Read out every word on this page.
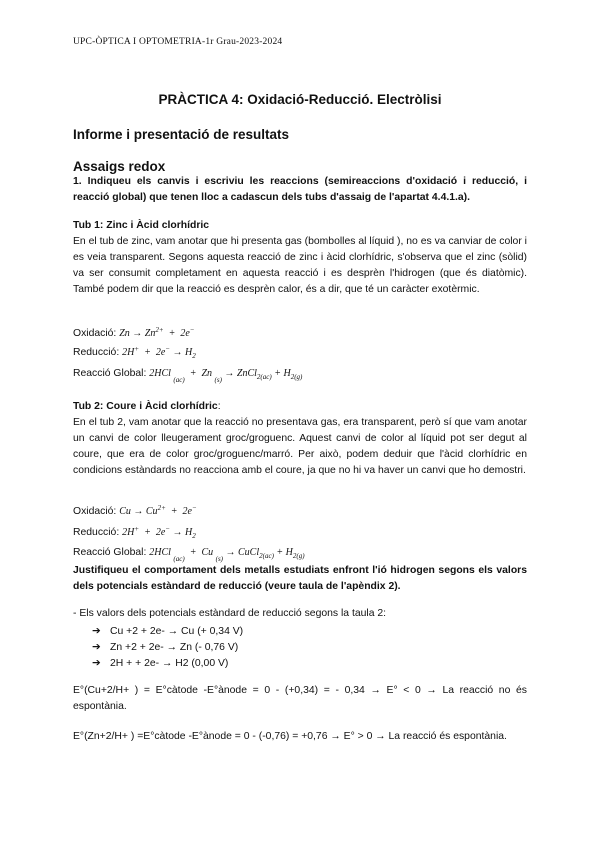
UPC-ÒPTICA I OPTOMETRIA-1r Grau-2023-2024
PRÀCTICA 4: Oxidació-Reducció. Electròlisi
Informe i presentació de resultats
Assaigs redox
1. Indiqueu els canvis i escriviu les reaccions (semireaccions d'oxidació i reducció, i reacció global) que tenen lloc a cadascun dels tubs d'assaig de l'apartat 4.4.1.a).
Tub 1: Zinc i Àcid clorhídric
En el tub de zinc, vam anotar que hi presenta gas (bombolles al líquid ), no es va canviar de color i es veia transparent. Segons aquesta reacció de zinc i àcid clorhídric, s'observa que el zinc (sòlid) va ser consumit completament en aquesta reacció i es desprèn l'hidrogen (que és diatòmic). També podem dir que la reacció es desprèn calor, és a dir, que té un caràcter exotèrmic.
Oxidació: $Zn \to Zn^{2+} + 2e^-$
Reducció: $2H^+ + 2e^- \to H_2$
Reacció Global: 2HCl $_{(ac)}$  + Zn $_{(s)}$ → ZnCl$_{2(ac)}$ + $H_{2(g)}$
Tub 2: Coure i Àcid clorhídric:
En el tub 2, vam anotar que la reacció no presentava gas, era transparent, però sí que vam anotar un canvi de color lleugerament groc/groguenc. Aquest canvi de color al líquid pot ser degut al coure, que era de color groc/groguenc/marró. Per això, podem deduir que l'àcid clorhídric en condicions estàndards no reacciona amb el coure, ja que no hi va haver un canvi que ho demostri.
Oxidació: $Cu \to Cu^{2+} + 2e^-$
Reducció: $2H^+ + 2e^- \to H_2$
Reacció Global: 2HCl $_{(ac)}$  + Cu $_{(s)}$ → CuCl$_{2(ac)}$ + $H_{2(g)}$
Justifiqueu el comportament dels metalls estudiats enfront l'ió hidrogen segons els valors dels potencials estàndard de reducció (veure taula de l'apèndix 2).
- Els valors dels potencials estàndard de reducció segons la taula 2:
➔ Cu +2 + 2e- → Cu (+ 0,34 V)
➔ Zn +2 + 2e- → Zn (- 0,76 V)
➔ 2H + + 2e- → H2 (0,00 V)
E°(Cu+2/H+ ) = E°càtode -E°ànode = 0 - (+0,34) = - 0,34 → E° < 0 → La reacció no és espontània.
E°(Zn+2/H+ ) =E°càtode -E°ànode = 0 - (-0,76) = +0,76 → E° > 0 → La reacció és espontània.
